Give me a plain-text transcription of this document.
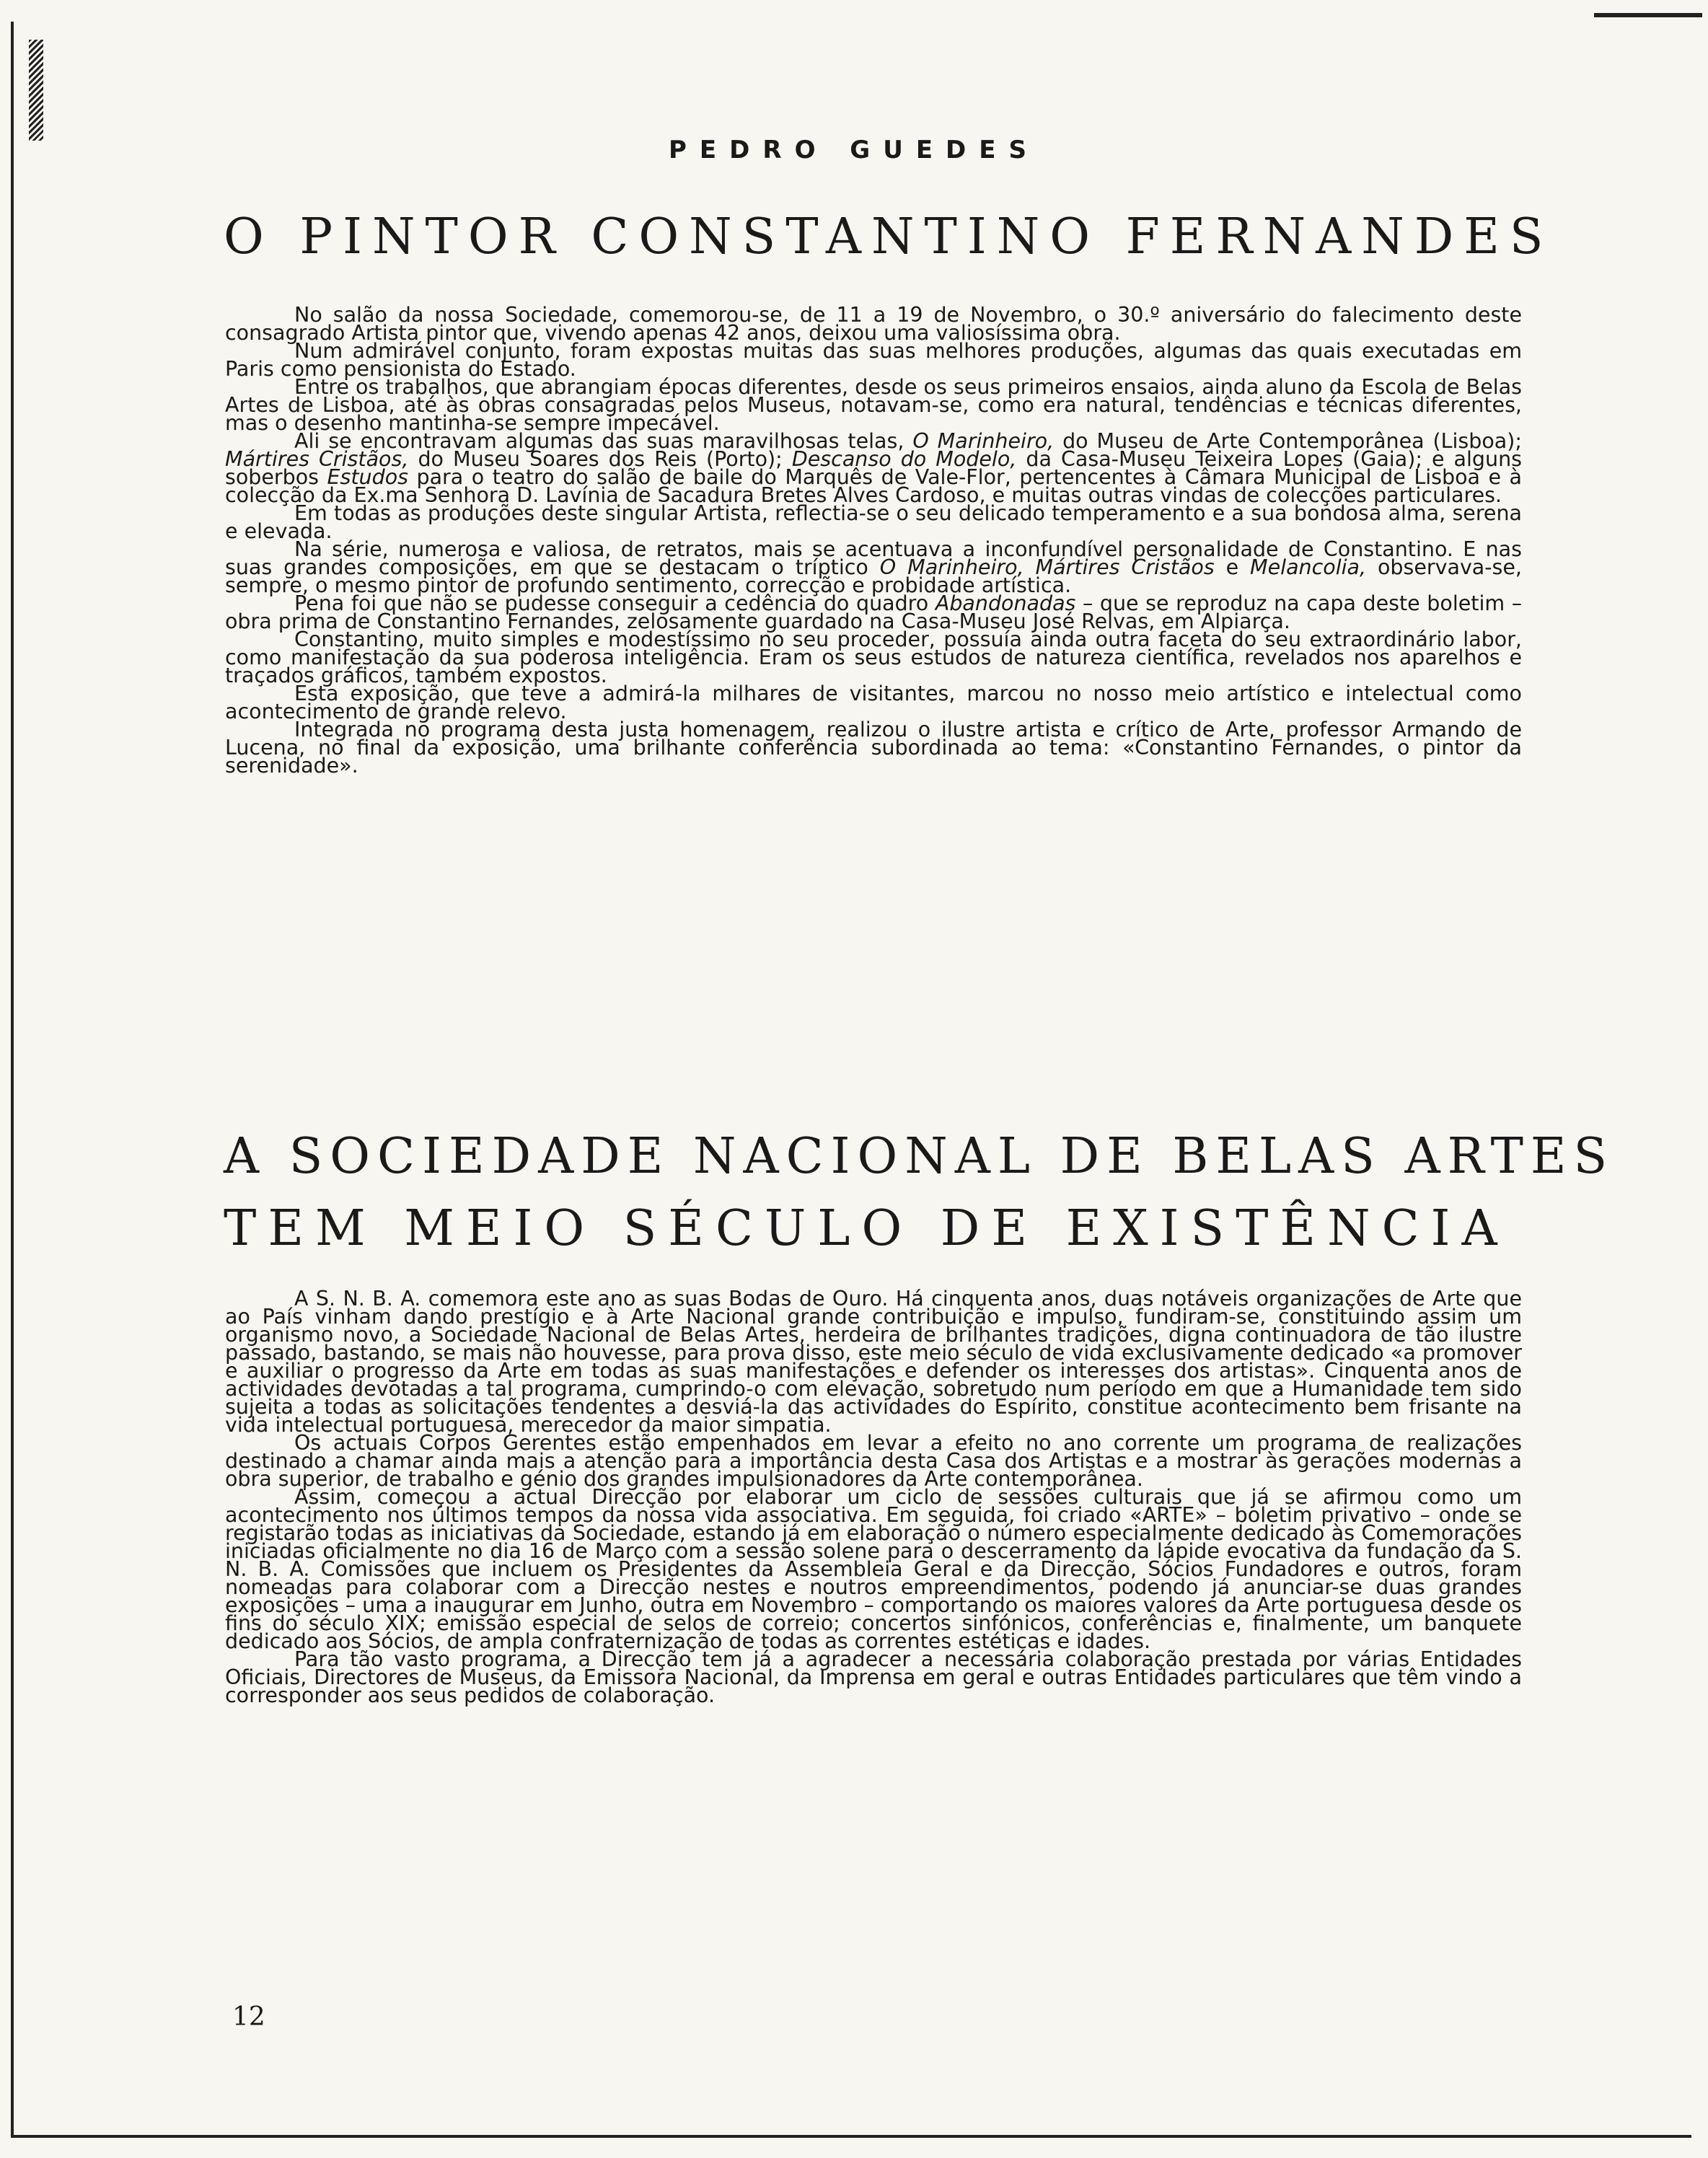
PEDRO GUEDES
O PINTOR CONSTANTINO FERNANDES

No salão da nossa Sociedade, comemorou-se, de 11 a 19 de Novembro, o 30.º aniversário do falecimento deste consagrado Artista pintor que, vivendo apenas 42 anos, deixou uma valiosíssima obra.

Num admirável conjunto, foram expostas muitas das suas melhores produções, algumas das quais executadas em Paris como pensionista do Estado.

Entre os trabalhos, que abrangiam épocas diferentes, desde os seus primeiros ensaios, ainda aluno da Escola de Belas Artes de Lisboa, até às obras consagradas pelos Museus, notavam-se, como era natural, tendências e técnicas diferentes, mas o desenho mantinha-se sempre impecável.

Ali se encontravam algumas das suas maravilhosas telas, O Marinheiro, do Museu de Arte Contemporânea (Lisboa); Mártires Cristãos, do Museu Soares dos Reis (Porto); Descanso do Modelo, da Casa-Museu Teixeira Lopes (Gaia); e alguns soberbos Estudos para o teatro do salão de baile do Marquês de Vale-Flor, pertencentes à Câmara Municipal de Lisboa e à colecção da Ex.ma Senhora D. Lavínia de Sacadura Bretes Alves Cardoso, e muitas outras vindas de colecções particulares.

Em todas as produções deste singular Artista, reflectia-se o seu delicado temperamento e a sua bondosa alma, serena e elevada.

Na série, numerosa e valiosa, de retratos, mais se acentuava a inconfundível personalidade de Constantino. E nas suas grandes composições, em que se destacam o tríptico O Marinheiro, Mártires Cristãos e Melancolia, observava-se, sempre, o mesmo pintor de profundo sentimento, correcção e probidade artística.

Pena foi que não se pudesse conseguir a cedência do quadro Abandonadas – que se reproduz na capa deste boletim – obra prima de Constantino Fernandes, zelosamente guardado na Casa-Museu José Relvas, em Alpiarça.

Constantino, muito simples e modestíssimo no seu proceder, possuía ainda outra faceta do seu extraordinário labor, como manifestação da sua poderosa inteligência. Eram os seus estudos de natureza científica, revelados nos aparelhos e traçados gráficos, também expostos.

Esta exposição, que teve a admirá-la milhares de visitantes, marcou no nosso meio artístico e intelectual como acontecimento de grande relevo.

Integrada no programa desta justa homenagem, realizou o ilustre artista e crítico de Arte, professor Armando de Lucena, no final da exposição, uma brilhante conferência subordinada ao tema: «Constantino Fernandes, o pintor da serenidade».

A SOCIEDADE NACIONAL DE BELAS ARTES
TEM MEIO SÉCULO DE EXISTÊNCIA

A S. N. B. A. comemora este ano as suas Bodas de Ouro. Há cinquenta anos, duas notáveis organizações de Arte que ao País vinham dando prestígio e à Arte Nacional grande contribuição e impulso, fundiram-se, constituindo assim um organismo novo, a Sociedade Nacional de Belas Artes, herdeira de brilhantes tradições, digna continuadora de tão ilustre passado, bastando, se mais não houvesse, para prova disso, este meio século de vida exclusivamente dedicado «a promover e auxiliar o progresso da Arte em todas as suas manifestações e defender os interesses dos artistas». Cinquenta anos de actividades devotadas a tal programa, cumprindo-o com elevação, sobretudo num período em que a Humanidade tem sido sujeita a todas as solicitações tendentes a desviá-la das actividades do Espírito, constitue acontecimento bem frisante na vida intelectual portuguesa, merecedor da maior simpatia.

Os actuais Corpos Gerentes estão empenhados em levar a efeito no ano corrente um programa de realizações destinado a chamar ainda mais a atenção para a importância desta Casa dos Artistas e a mostrar às gerações modernas a obra superior, de trabalho e génio dos grandes impulsionadores da Arte contemporânea.

Assim, começou a actual Direcção por elaborar um ciclo de sessões culturais que já se afirmou como um acontecimento nos últimos tempos da nossa vida associativa. Em seguida, foi criado «ARTE» – boletim privativo – onde se registarão todas as iniciativas da Sociedade, estando já em elaboração o número especialmente dedicado às Comemorações iniciadas oficialmente no dia 16 de Março com a sessão solene para o descerramento da lápide evocativa da fundação da S. N. B. A. Comissões que incluem os Presidentes da Assembleia Geral e da Direcção, Sócios Fundadores e outros, foram nomeadas para colaborar com a Direcção nestes e noutros empreendimentos, podendo já anunciar-se duas grandes exposições – uma a inaugurar em Junho, outra em Novembro – comportando os maiores valores da Arte portuguesa desde os fins do século XIX; emissão especial de selos de correio; concertos sinfónicos, conferências e, finalmente, um banquete dedicado aos Sócios, de ampla confraternização de todas as correntes estéticas e idades.

Para tão vasto programa, a Direcção tem já a agradecer a necessária colaboração prestada por várias Entidades Oficiais, Directores de Museus, da Emissora Nacional, da Imprensa em geral e outras Entidades particulares que têm vindo a corresponder aos seus pedidos de colaboração.

12
